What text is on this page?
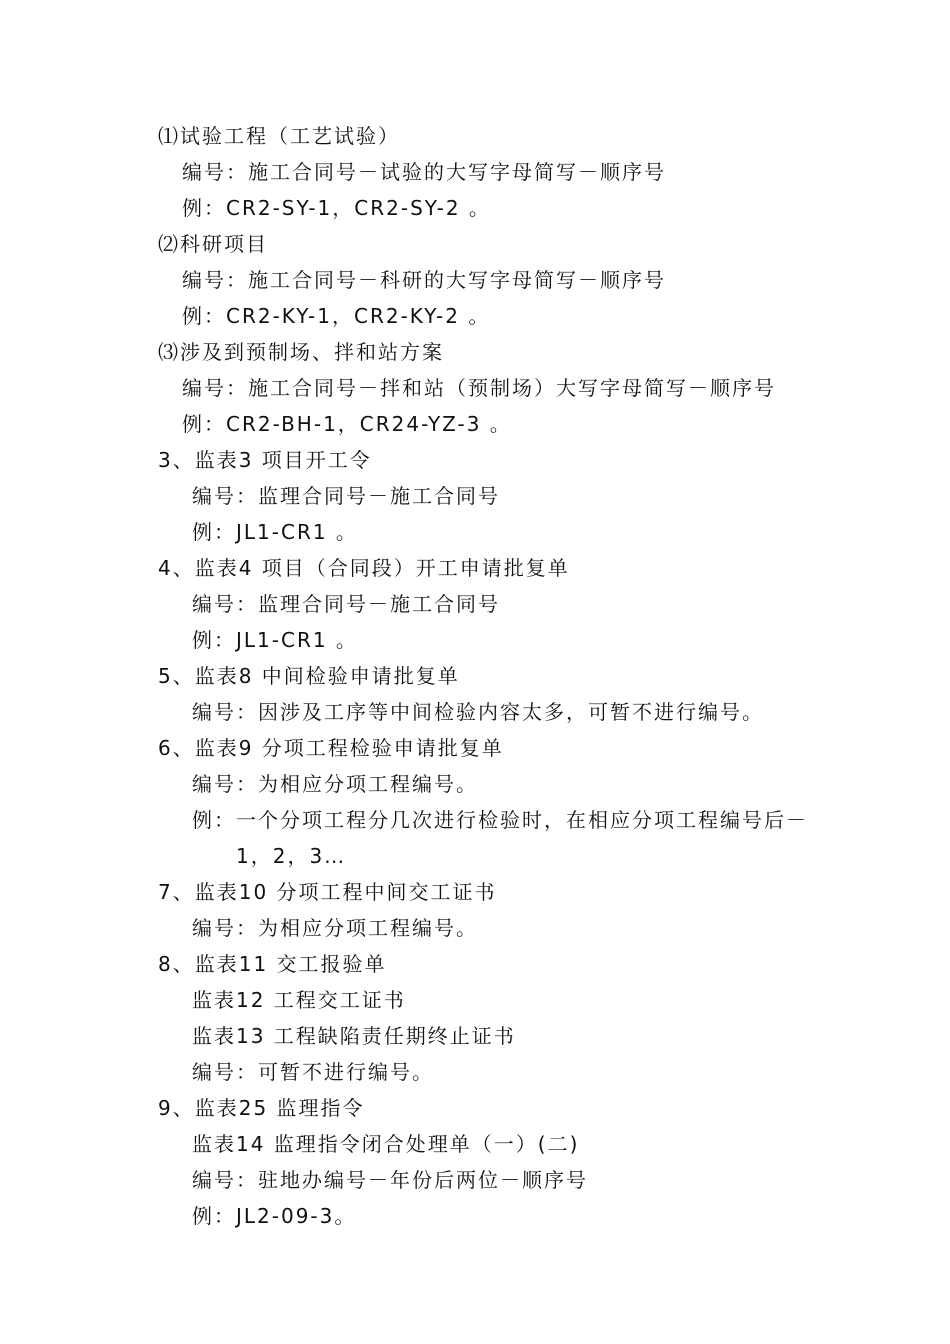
⑴试验工程（工艺试验）
编号：施工合同号－试验的大写字母简写－顺序号
例：CR2-SY-1，CR2-SY-2 。
⑵科研项目
编号：施工合同号－科研的大写字母简写－顺序号
例：CR2-KY-1，CR2-KY-2 。
⑶涉及到预制场、拌和站方案
编号：施工合同号－拌和站（预制场）大写字母简写－顺序号
例：CR2-BH-1，CR24-YZ-3 。
3、监表3 项目开工令
编号：监理合同号－施工合同号
例：JL1-CR1 。
4、监表4 项目（合同段）开工申请批复单
编号：监理合同号－施工合同号
例：JL1-CR1 。
5、监表8 中间检验申请批复单
编号：因涉及工序等中间检验内容太多，可暂不进行编号。
6、监表9 分项工程检验申请批复单
编号：为相应分项工程编号。
例：一个分项工程分几次进行检验时，在相应分项工程编号后－
1，2，3…
7、监表10 分项工程中间交工证书
编号：为相应分项工程编号。
8、监表11 交工报验单
监表12 工程交工证书
监表13 工程缺陷责任期终止证书
编号：可暂不进行编号。
9、监表25 监理指令
监表14 监理指令闭合处理单（一）(二)
编号：驻地办编号－年份后两位－顺序号
例：JL2-09-3。
